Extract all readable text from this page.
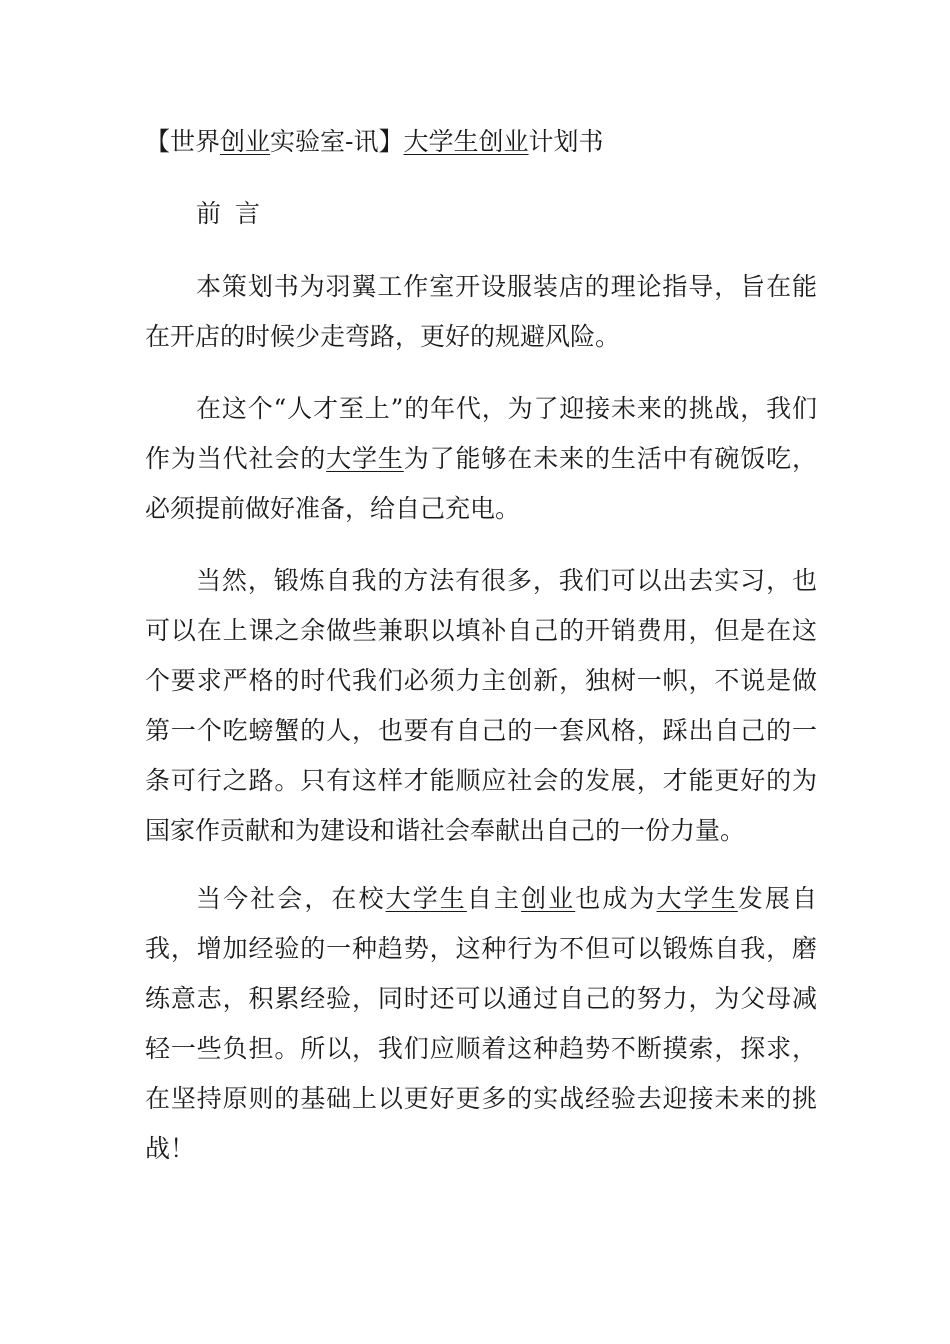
【世界创业实验室-讯】大学生创业计划书
前言

本策划书为羽翼工作室开设服装店的理论指导，旨在能在开店的时候少走弯路，更好的规避风险。

在这个“人才至上”的年代，为了迎接未来的挑战，我们作为当代社会的大学生为了能够在未来的生活中有碗饭吃，必须提前做好准备，给自己充电。

当然，锻炼自我的方法有很多，我们可以出去实习，也可以在上课之余做些兼职以填补自己的开销费用，但是在这个要求严格的时代我们必须力主创新，独树一帜，不说是做第一个吃螃蟹的人，也要有自己的一套风格，踩出自己的一条可行之路。只有这样才能顺应社会的发展，才能更好的为国家作贡献和为建设和谐社会奉献出自己的一份力量。

当今社会，在校大学生自主创业也成为大学生发展自我，增加经验的一种趋势，这种行为不但可以锻炼自我，磨练意志，积累经验，同时还可以通过自己的努力，为父母减轻一些负担。所以，我们应顺着这种趋势不断摸索，探求，在坚持原则的基础上以更好更多的实战经验去迎接未来的挑战！
